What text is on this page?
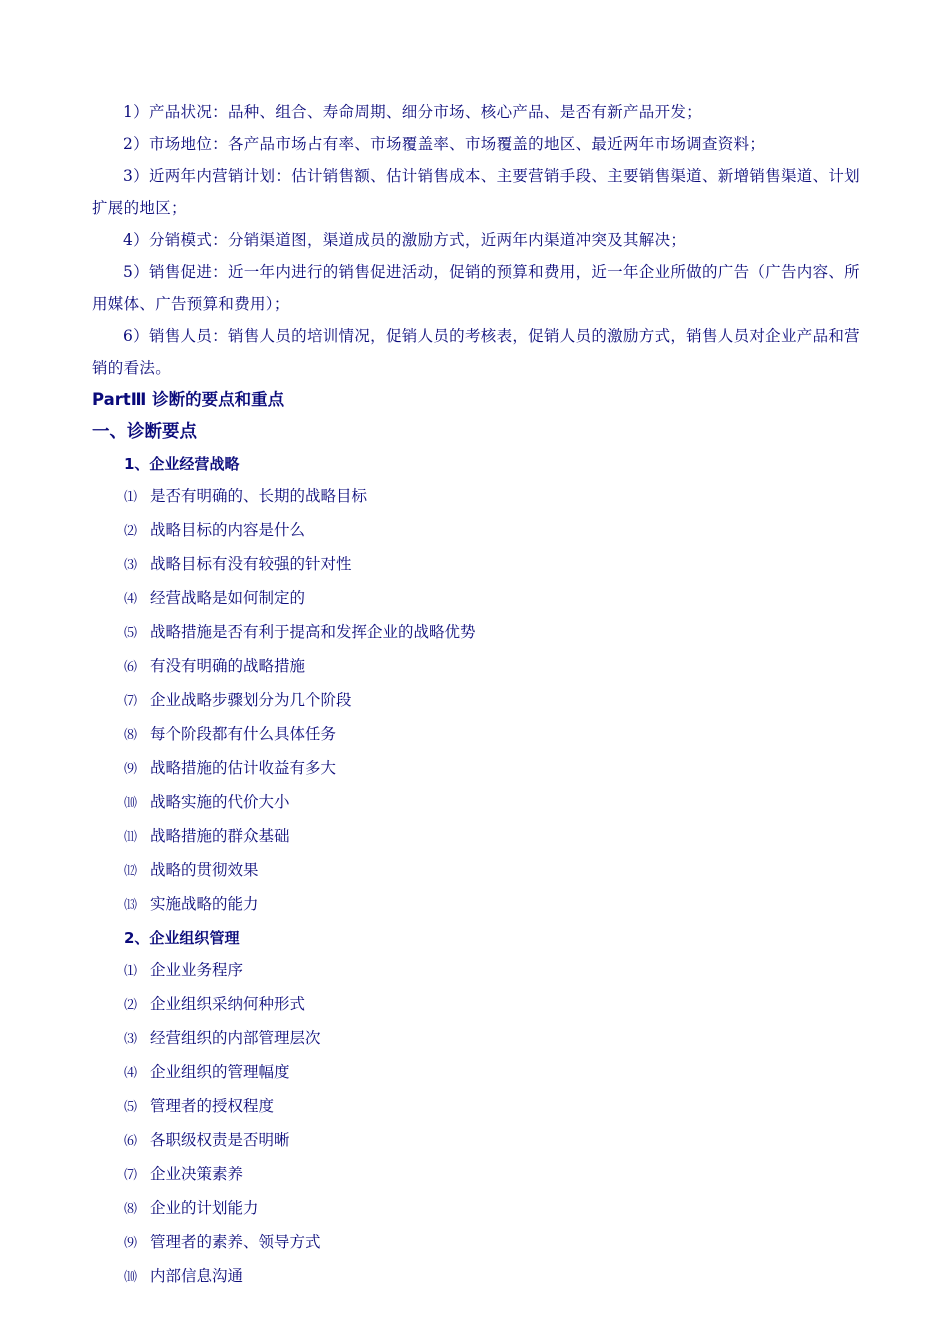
1）产品状况：品种、组合、寿命周期、细分市场、核心产品、是否有新产品开发；

2）市场地位：各产品市场占有率、市场覆盖率、市场覆盖的地区、最近两年市场调查资料；

3）近两年内营销计划：估计销售额、估计销售成本、主要营销手段、主要销售渠道、新增销售渠道、计划扩展的地区；

4）分销模式：分销渠道图，渠道成员的激励方式，近两年内渠道冲突及其解决；

5）销售促进：近一年内进行的销售促进活动，促销的预算和费用，近一年企业所做的广告（广告内容、所用媒体、广告预算和费用）；

6）销售人员：销售人员的培训情况，促销人员的考核表，促销人员的激励方式，销售人员对企业产品和营销的看法。

PartⅢ 诊断的要点和重点
一、诊断要点
1、企业经营战略
⑴ 是否有明确的、长期的战略目标
⑵ 战略目标的内容是什么
⑶ 战略目标有没有较强的针对性
⑷ 经营战略是如何制定的
⑸ 战略措施是否有利于提高和发挥企业的战略优势
⑹ 有没有明确的战略措施
⑺ 企业战略步骤划分为几个阶段
⑻ 每个阶段都有什么具体任务
⑼ 战略措施的估计收益有多大
⑽ 战略实施的代价大小
⑾ 战略措施的群众基础
⑿ 战略的贯彻效果
⒀ 实施战略的能力
2、企业组织管理
⑴ 企业业务程序
⑵ 企业组织采纳何种形式
⑶ 经营组织的内部管理层次
⑷ 企业组织的管理幅度
⑸ 管理者的授权程度
⑹ 各职级权责是否明晰
⑺ 企业决策素养
⑻ 企业的计划能力
⑼ 管理者的素养、领导方式
⑽ 内部信息沟通
